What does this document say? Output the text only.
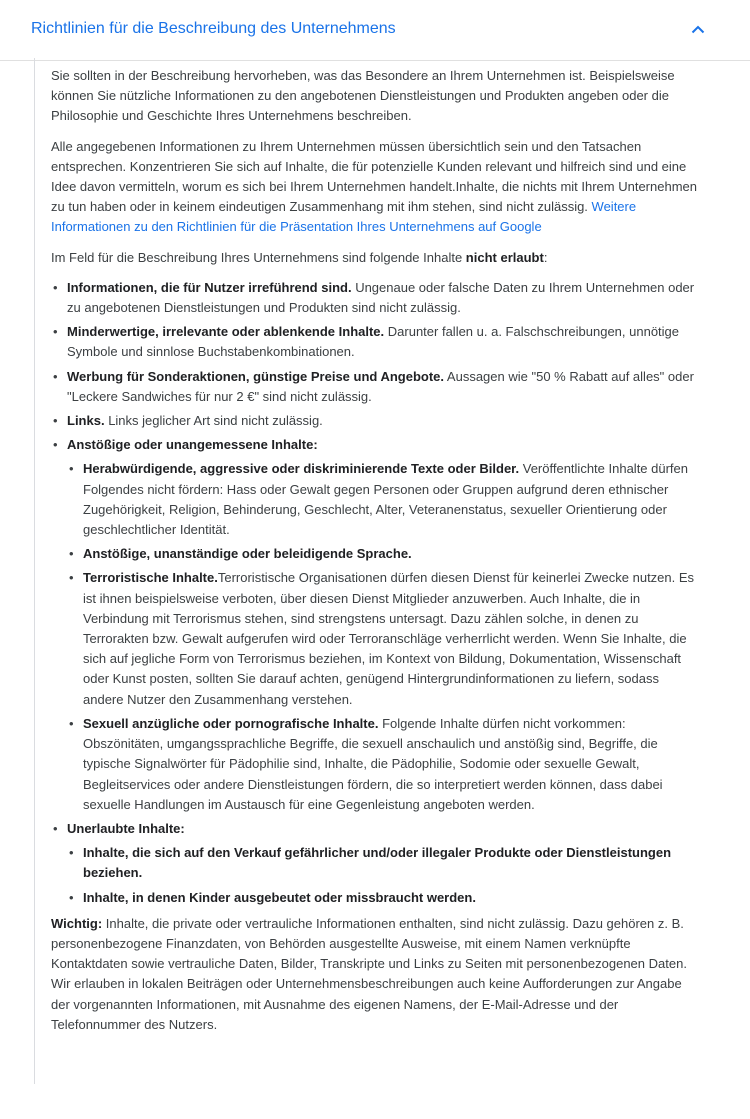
Richtlinien für die Beschreibung des Unternehmens

Sie sollten in der Beschreibung hervorheben, was das Besondere an Ihrem Unternehmen ist. Beispielsweise können Sie nützliche Informationen zu den angebotenen Dienstleistungen und Produkten angeben oder die Philosophie und Geschichte Ihres Unternehmens beschreiben.

Alle angegebenen Informationen zu Ihrem Unternehmen müssen übersichtlich sein und den Tatsachen entsprechen. Konzentrieren Sie sich auf Inhalte, die für potenzielle Kunden relevant und hilfreich sind und eine Idee davon vermitteln, worum es sich bei Ihrem Unternehmen handelt.Inhalte, die nichts mit Ihrem Unternehmen zu tun haben oder in keinem eindeutigen Zusammenhang mit ihm stehen, sind nicht zulässig. Weitere Informationen zu den Richtlinien für die Präsentation Ihres Unternehmens auf Google

Im Feld für die Beschreibung Ihres Unternehmens sind folgende Inhalte nicht erlaubt:

• Informationen, die für Nutzer irreführend sind. Ungenaue oder falsche Daten zu Ihrem Unternehmen oder zu angebotenen Dienstleistungen und Produkten sind nicht zulässig.
• Minderwertige, irrelevante oder ablenkende Inhalte. Darunter fallen u. a. Falschschreibungen, unnötige Symbole und sinnlose Buchstabenkombinationen.
• Werbung für Sonderaktionen, günstige Preise und Angebote. Aussagen wie "50 % Rabatt auf alles" oder "Leckere Sandwiches für nur 2 €" sind nicht zulässig.
• Links. Links jeglicher Art sind nicht zulässig.
• Anstößige oder unangemessene Inhalte:
• Herabwürdigende, aggressive oder diskriminierende Texte oder Bilder. Veröffentlichte Inhalte dürfen Folgendes nicht fördern: Hass oder Gewalt gegen Personen oder Gruppen aufgrund deren ethnischer Zugehörigkeit, Religion, Behinderung, Geschlecht, Alter, Veteranenstatus, sexueller Orientierung oder geschlechtlicher Identität.
• Anstößige, unanständige oder beleidigende Sprache.
• Terroristische Inhalte.Terroristische Organisationen dürfen diesen Dienst für keinerlei Zwecke nutzen. Es ist ihnen beispielsweise verboten, über diesen Dienst Mitglieder anzuwerben. Auch Inhalte, die in Verbindung mit Terrorismus stehen, sind strengstens untersagt. Dazu zählen solche, in denen zu Terrorakten bzw. Gewalt aufgerufen wird oder Terroranschläge verherrlicht werden. Wenn Sie Inhalte, die sich auf jegliche Form von Terrorismus beziehen, im Kontext von Bildung, Dokumentation, Wissenschaft oder Kunst posten, sollten Sie darauf achten, genügend Hintergrundinformationen zu liefern, sodass andere Nutzer den Zusammenhang verstehen.
• Sexuell anzügliche oder pornografische Inhalte. Folgende Inhalte dürfen nicht vorkommen: Obszönitäten, umgangssprachliche Begriffe, die sexuell anschaulich und anstößig sind, Begriffe, die typische Signalwörter für Pädophilie sind, Inhalte, die Pädophilie, Sodomie oder sexuelle Gewalt, Begleitservices oder andere Dienstleistungen fördern, die so interpretiert werden können, dass dabei sexuelle Handlungen im Austausch für eine Gegenleistung angeboten werden.
• Unerlaubte Inhalte:
• Inhalte, die sich auf den Verkauf gefährlicher und/oder illegaler Produkte oder Dienstleistungen beziehen.
• Inhalte, in denen Kinder ausgebeutet oder missbraucht werden.

Wichtig: Inhalte, die private oder vertrauliche Informationen enthalten, sind nicht zulässig. Dazu gehören z. B. personenbezogene Finanzdaten, von Behörden ausgestellte Ausweise, mit einem Namen verknüpfte Kontaktdaten sowie vertrauliche Daten, Bilder, Transkripte und Links zu Seiten mit personenbezogenen Daten. Wir erlauben in lokalen Beiträgen oder Unternehmensbeschreibungen auch keine Aufforderungen zur Angabe der vorgenannten Informationen, mit Ausnahme des eigenen Namens, der E-Mail-Adresse und der Telefonnummer des Nutzers.
